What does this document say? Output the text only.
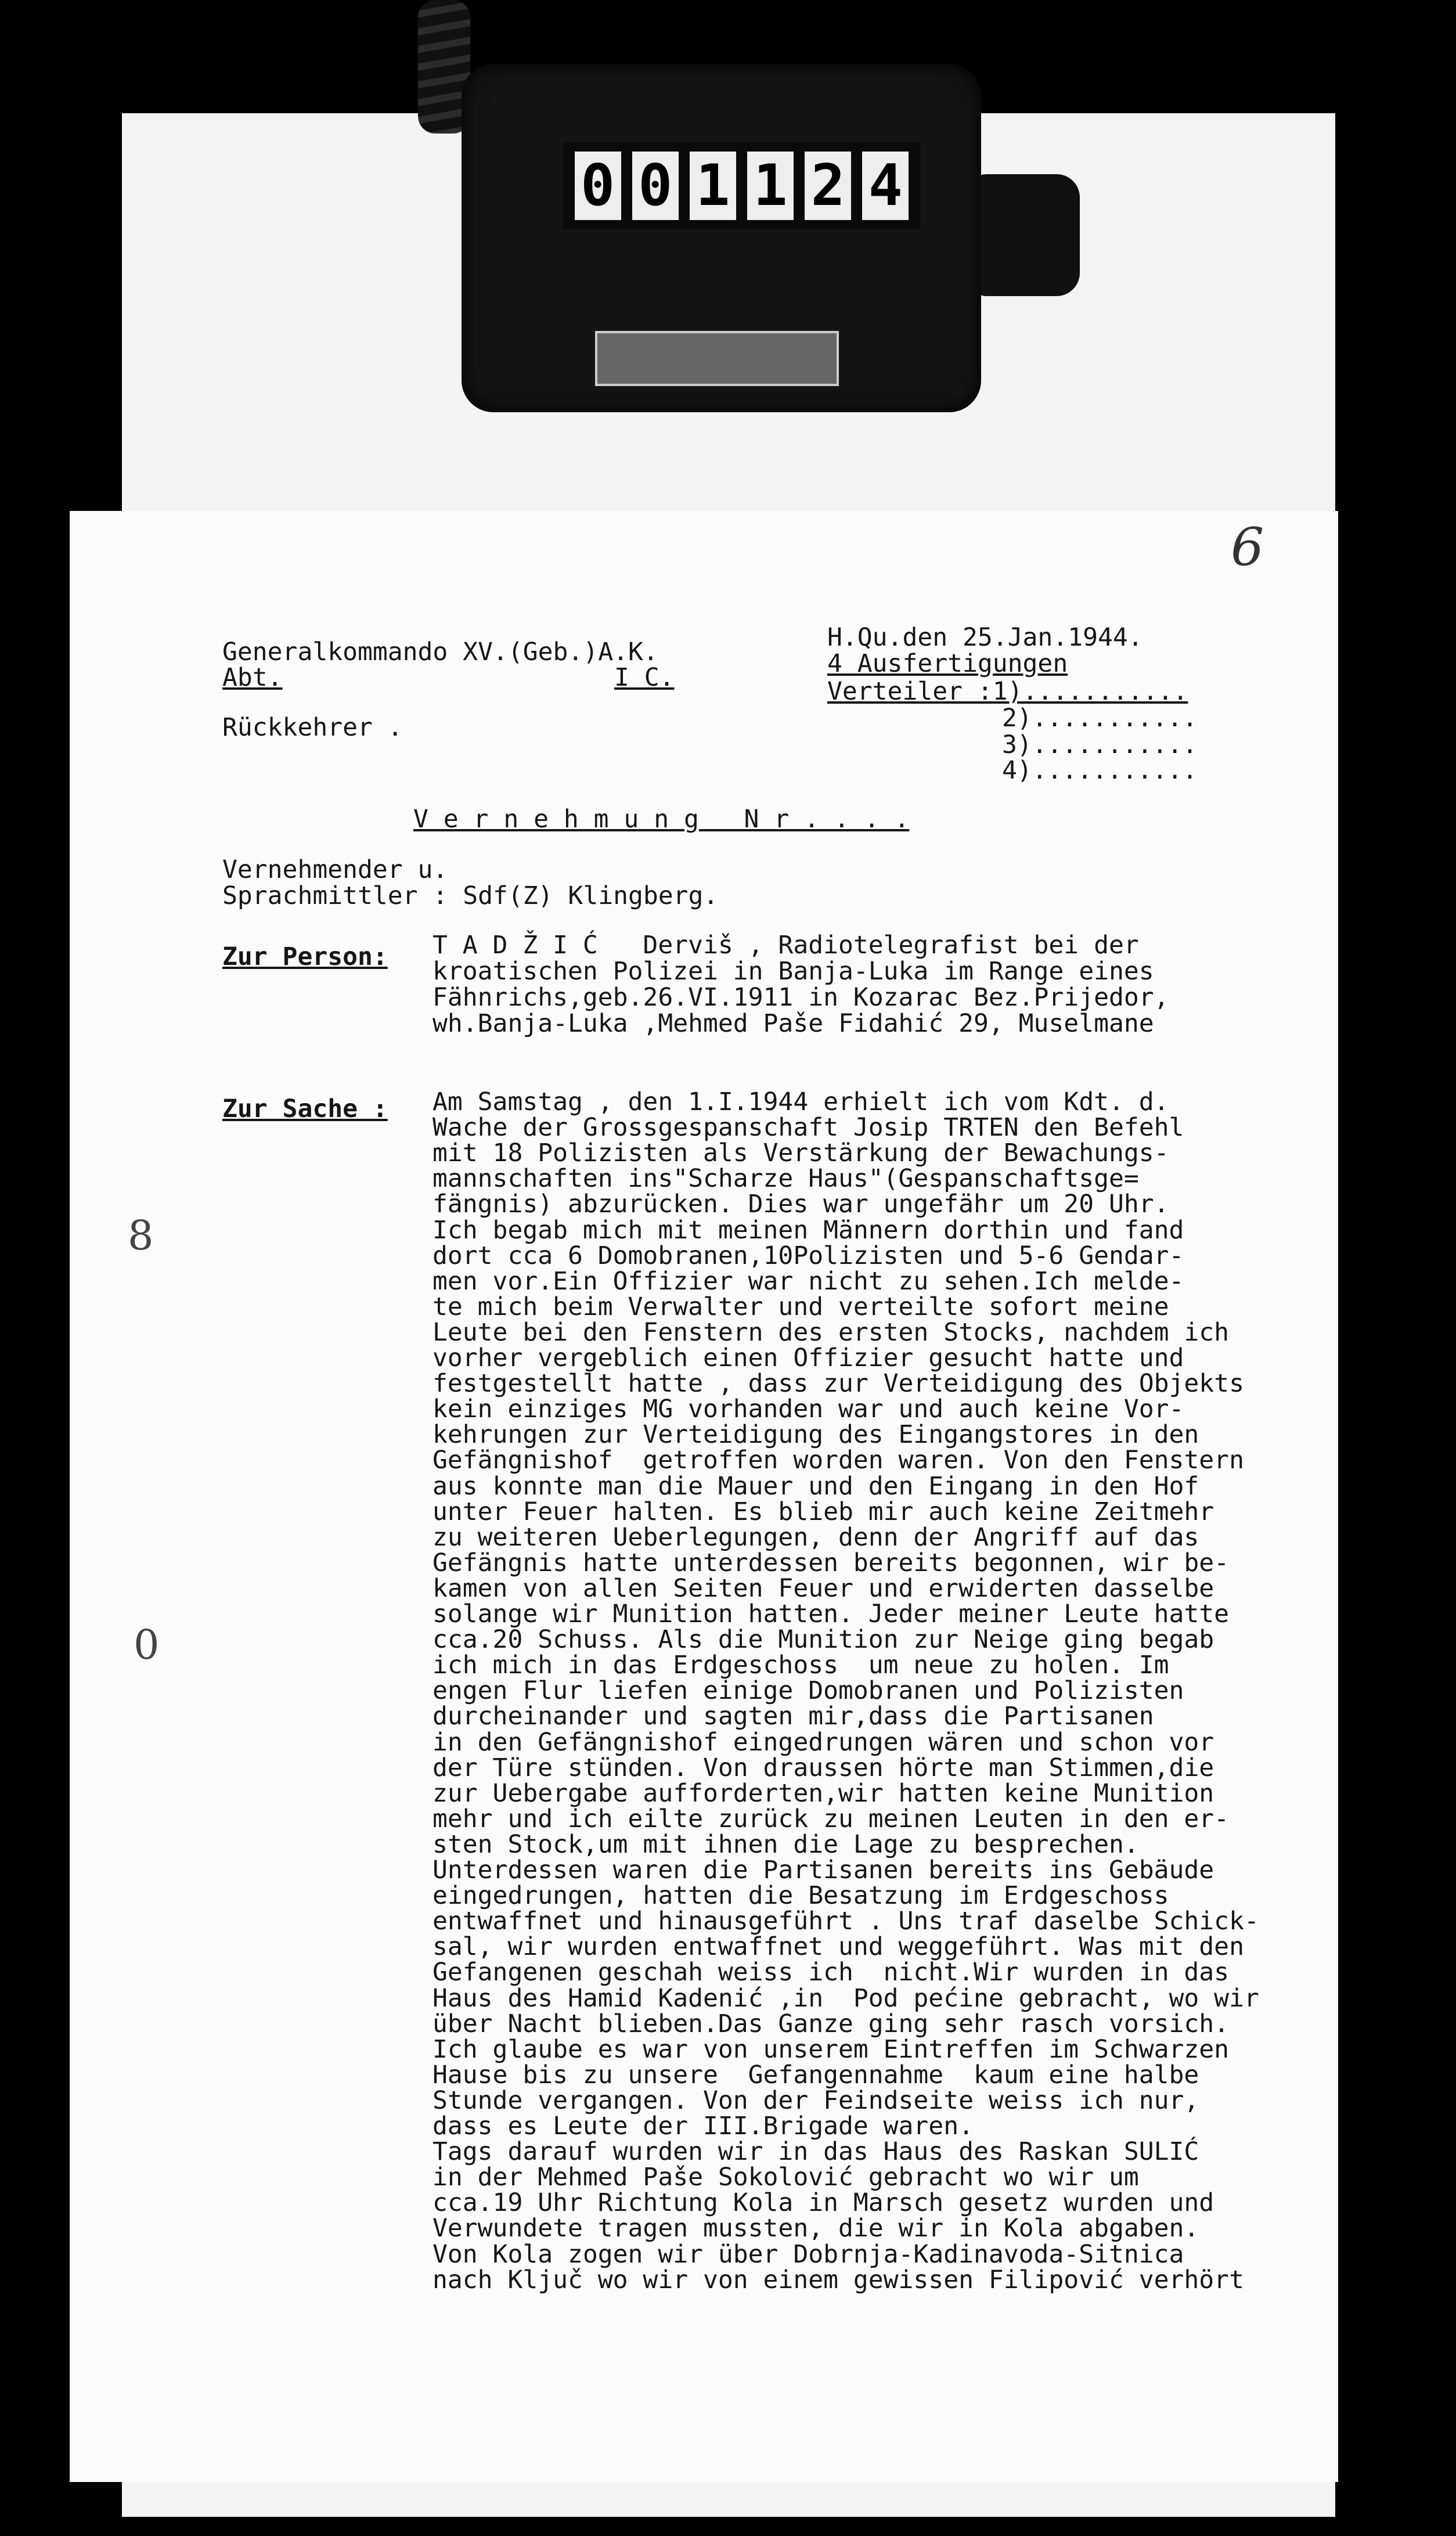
0 0 1 1 2 4
Generalkommando XV.(Geb.)A.K.
Abt.	I C.
H.Qu.den 25.Jan.1944.
4 Ausfertigungen
Verteiler :1)...........
2)...........
3)...........
4)...........
Rückkehrer .
V e r n e h m u n g   N r . . . .
Vernehmender u.
Sprachmittler : Sdf(Z) Klingberg.
Zur Person: T A D Ž I Ć   Derviš , Radiotelegrafist bei der
kroatischen Polizei in Banja-Luka im Range eines
Fähnrichs,geb.26.VI.1911 in Kozarac Bez.Prijedor,
wh.Banja-Luka ,Mehmed Paše Fidahić 29, Muselmane
Zur Sache : Am Samstag , den 1.I.1944 erhielt ich vom Kdt. d.
Wache der Grossgespanschaft Josip TRTEN den Befehl
mit 18 Polizisten als Verstärkung der Bewachungs-
mannschaften ins"Scharze Haus"(Gespanschaftsge=
fängnis) abzurücken. Dies war ungefähr um 20 Uhr.
Ich begab mich mit meinen Männern dorthin und fand
dort cca 6 Domobranen,10Polizisten und 5-6 Gendar-
men vor.Ein Offizier war nicht zu sehen.Ich melde-
te mich beim Verwalter und verteilte sofort meine
Leute bei den Fenstern des ersten Stocks, nachdem ich
vorher vergeblich einen Offizier gesucht hatte und
festgestellt hatte , dass zur Verteidigung des Objekts
kein einziges MG vorhanden war und auch keine Vor-
kehrungen zur Verteidigung des Eingangstores in den
Gefängnishof  getroffen worden waren. Von den Fenstern
aus konnte man die Mauer und den Eingang in den Hof
unter Feuer halten. Es blieb mir auch keine Zeitmehr
zu weiteren Ueberlegungen, denn der Angriff auf das
Gefängnis hatte unterdessen bereits begonnen, wir be-
kamen von allen Seiten Feuer und erwiderten dasselbe
solange wir Munition hatten. Jeder meiner Leute hatte
cca.20 Schuss. Als die Munition zur Neige ging begab
ich mich in das Erdgeschoss  um neue zu holen. Im
engen Flur liefen einige Domobranen und Polizisten
durcheinander und sagten mir,dass die Partisanen
in den Gefängnishof eingedrungen wären und schon vor
der Türe stünden. Von draussen hörte man Stimmen,die
zur Uebergabe aufforderten,wir hatten keine Munition
mehr und ich eilte zurück zu meinen Leuten in den er-
sten Stock,um mit ihnen die Lage zu besprechen.
Unterdessen waren die Partisanen bereits ins Gebäude
eingedrungen, hatten die Besatzung im Erdgeschoss
entwaffnet und hinausgeführt . Uns traf daselbe Schick-
sal, wir wurden entwaffnet und weggeführt. Was mit den
Gefangenen geschah weiss ich  nicht.Wir wurden in das
Haus des Hamid Kadenić ,in  Pod pećine gebracht, wo wir
über Nacht blieben.Das Ganze ging sehr rasch vorsich.
Ich glaube es war von unserem Eintreffen im Schwarzen
Hause bis zu unsere  Gefangennahme  kaum eine halbe
Stunde vergangen. Von der Feindseite weiss ich nur,
dass es Leute der III.Brigade waren.
Tags darauf wurden wir in das Haus des Raskan SULIĆ
in der Mehmed Paše Sokolović gebracht wo wir um
cca.19 Uhr Richtung Kola in Marsch gesetz wurden und
Verwundete tragen mussten, die wir in Kola abgaben.
Von Kola zogen wir über Dobrnja-Kadinavoda-Sitnica
nach Ključ wo wir von einem gewissen Filipović verhört
6
8
0
